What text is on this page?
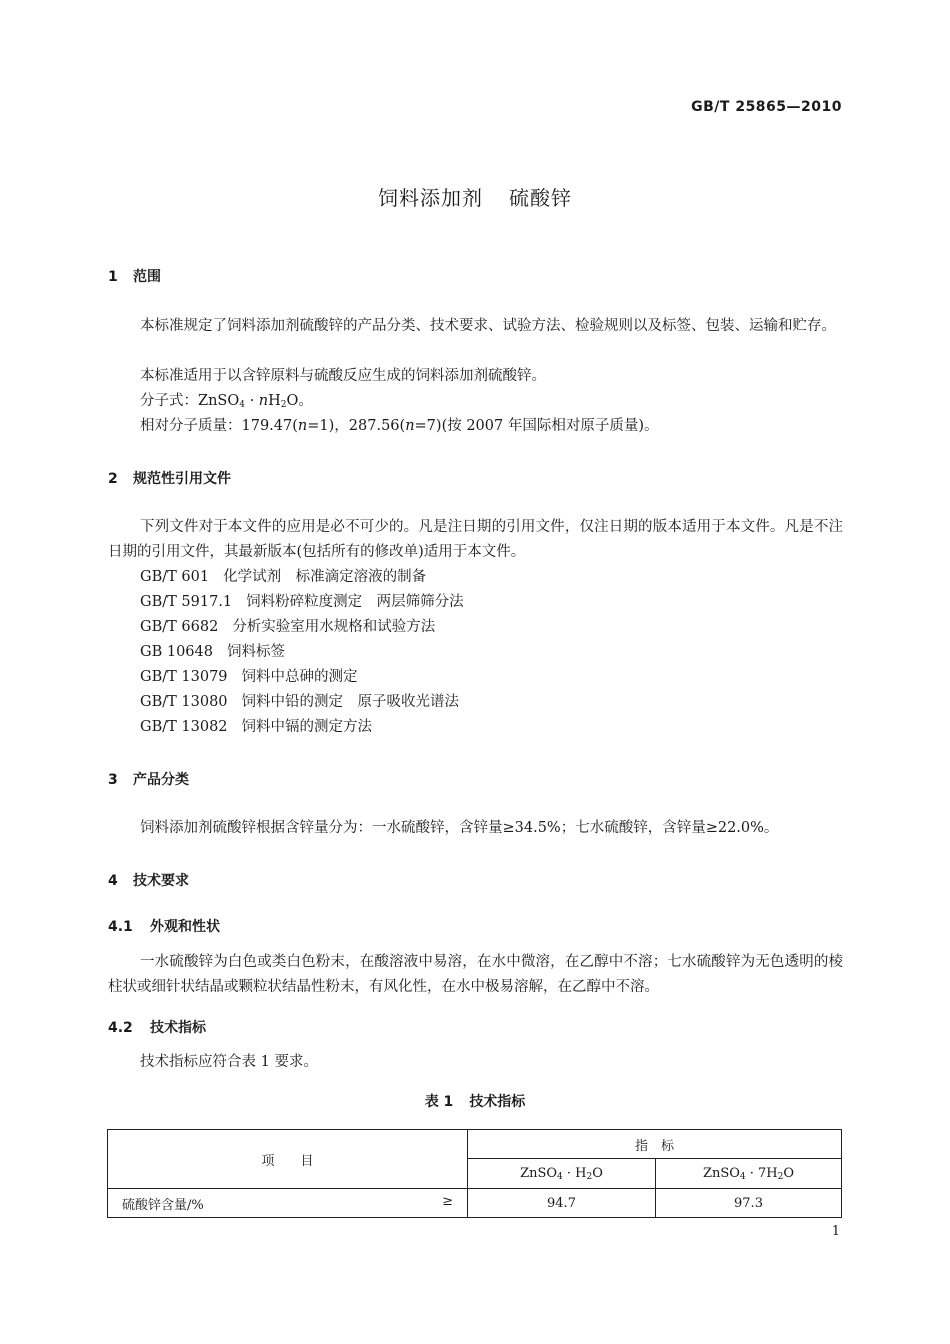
GB/T 25865—2010
饲料添加剂 硫酸锌
1 范围
本标准规定了饲料添加剂硫酸锌的产品分类、技术要求、试验方法、检验规则以及标签、包装、运输和贮存。
本标准适用于以含锌原料与硫酸反应生成的饲料添加剂硫酸锌。
分子式：ZnSO$_4$ · $nH_2O$。
相对分子质量：179.47(n=1)，287.56(n=7)(按 2007 年国际相对原子质量)。
2 规范性引用文件
下列文件对于本文件的应用是必不可少的。凡是注日期的引用文件，仅注日期的版本适用于本文件。凡是不注日期的引用文件，其最新版本(包括所有的修改单)适用于本文件。
GB/T 601 化学试剂　标准滴定溶液的制备
GB/T 5917.1 饲料粉碎粒度测定　两层筛筛分法
GB/T 6682 分析实验室用水规格和试验方法
GB 10648 饲料标签
GB/T 13079 饲料中总砷的测定
GB/T 13080 饲料中铅的测定　原子吸收光谱法
GB/T 13082 饲料中镉的测定方法
3 产品分类
饲料添加剂硫酸锌根据含锌量分为：一水硫酸锌，含锌量≥34.5%；七水硫酸锌，含锌量≥22.0%。
4 技术要求
4.1 外观和性状
一水硫酸锌为白色或类白色粉末，在酸溶液中易溶，在水中微溶，在乙醇中不溶；七水硫酸锌为无色透明的棱柱状或细针状结晶或颗粒状结晶性粉末，有风化性，在水中极易溶解，在乙醇中不溶。
4.2 技术指标
技术指标应符合表 1 要求。
表 1 技术指标
项　　目	指　标	
	ZnSO$_4$ · $H_2O$	ZnSO$_4$ · $7H_2O$

硫酸锌含量/% ≥	94.7	97.3
1
